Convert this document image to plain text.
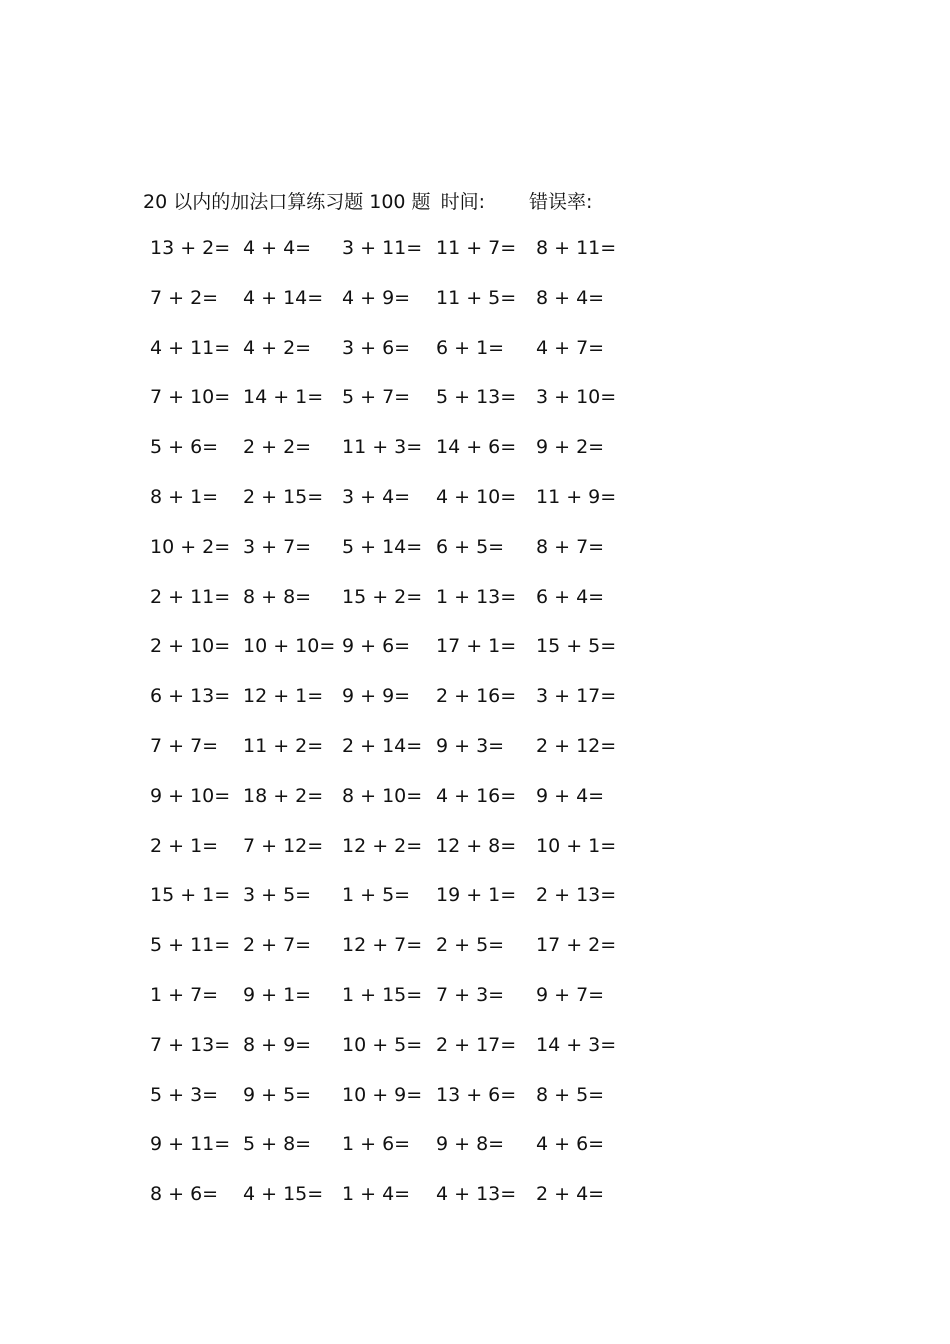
20 以内的加法口算练习题 100 题 时间: 错误率:
13 + 2= 4 + 4= 3 + 11= 11 + 7= 8 + 11=
7 + 2= 4 + 14= 4 + 9= 11 + 5= 8 + 4=
4 + 11= 4 + 2= 3 + 6= 6 + 1= 4 + 7=
7 + 10= 14 + 1= 5 + 7= 5 + 13= 3 + 10=
5 + 6= 2 + 2= 11 + 3= 14 + 6= 9 + 2=
8 + 1= 2 + 15= 3 + 4= 4 + 10= 11 + 9=
10 + 2= 3 + 7= 5 + 14= 6 + 5= 8 + 7=
2 + 11= 8 + 8= 15 + 2= 1 + 13= 6 + 4=
2 + 10= 10 + 10= 9 + 6= 17 + 1= 15 + 5=
6 + 13= 12 + 1= 9 + 9= 2 + 16= 3 + 17=
7 + 7= 11 + 2= 2 + 14= 9 + 3= 2 + 12=
9 + 10= 18 + 2= 8 + 10= 4 + 16= 9 + 4=
2 + 1= 7 + 12= 12 + 2= 12 + 8= 10 + 1=
15 + 1= 3 + 5= 1 + 5= 19 + 1= 2 + 13=
5 + 11= 2 + 7= 12 + 7= 2 + 5= 17 + 2=
1 + 7= 9 + 1= 1 + 15= 7 + 3= 9 + 7=
7 + 13= 8 + 9= 10 + 5= 2 + 17= 14 + 3=
5 + 3= 9 + 5= 10 + 9= 13 + 6= 8 + 5=
9 + 11= 5 + 8= 1 + 6= 9 + 8= 4 + 6=
8 + 6= 4 + 15= 1 + 4= 4 + 13= 2 + 4=
